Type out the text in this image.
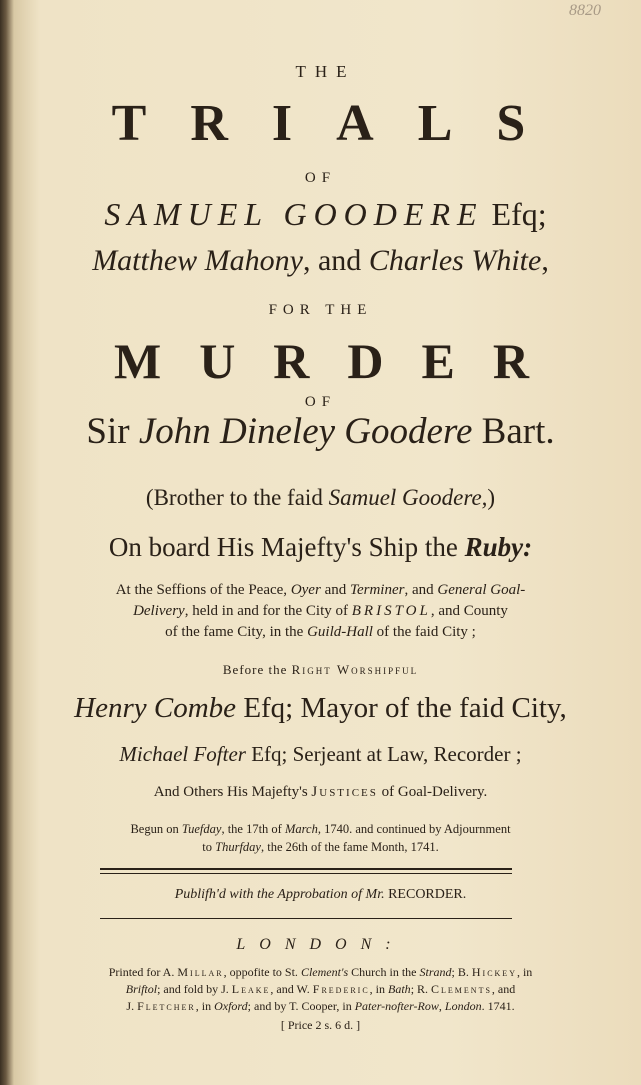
8820
THE
TRIALS
OF
SAMUEL GOODERE Efq;
Matthew Mahony, and Charles White,
FOR THE
MURDER
OF
Sir John Dineley Goodere Bart.
(Brother to the faid Samuel Goodere,)
On board His Majefty's Ship the Ruby:
At the Seffions of the Peace, Oyer and Terminer, and General Goal-
Delivery, held in and for the City of BRISTOL, and County
of the fame City, in the Guild-Hall of the faid City ;
Before the Right Worshipful
Henry Combe Efq; Mayor of the faid City,
Michael Fofter Efq; Serjeant at Law, Recorder ;
And Others His Majefty's Justices of Goal-Delivery.
Begun on Tuefday, the 17th of March, 1740. and continued by Adjournment
to Thurfday, the 26th of the fame Month, 1741.
Publifh'd with the Approbation of Mr. RECORDER.
LONDON:
Printed for A. Millar, oppofite to St. Clement's Church in the Strand; B. Hickey, in
Briftol; and fold by J. Leake, and W. Frederic, in Bath; R. Clements, and
J. Fletcher, in Oxford; and by T. Cooper, in Pater-nofter-Row, London. 1741.
[ Price 2 s. 6 d. ]
